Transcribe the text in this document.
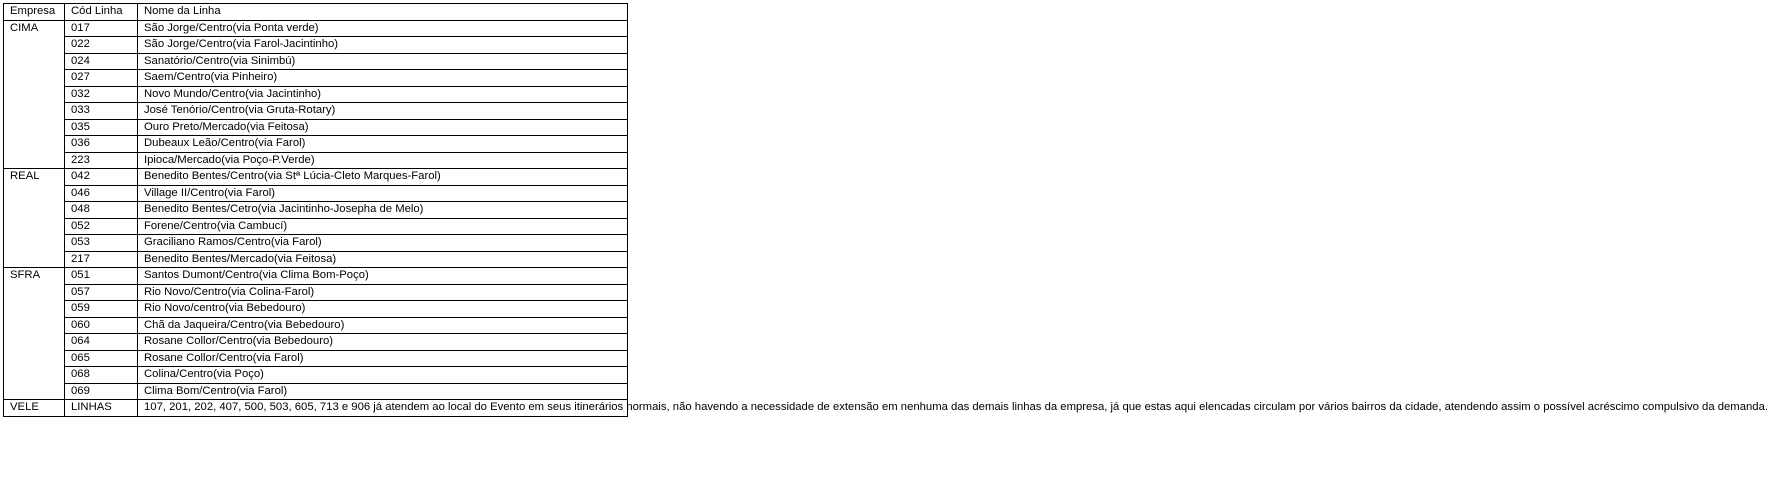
Empresa	Cód Linha	Nome da Linha
CIMA	017	São Jorge/Centro(via Ponta verde)
	022	São Jorge/Centro(via Farol-Jacintinho)
	024	Sanatório/Centro(via Sinimbú)
	027	Saem/Centro(via Pinheiro)
	032	Novo Mundo/Centro(via Jacintinho)
	033	José Tenório/Centro(via Gruta-Rotary)
	035	Ouro Preto/Mercado(via Feitosa)
	036	Dubeaux Leão/Centro(via Farol)
	223	Ipioca/Mercado(via Poço-P.Verde)
REAL	042	Benedito Bentes/Centro(via Stª Lúcia-Cleto Marques-Farol)
	046	Village II/Centro(via Farol)
	048	Benedito Bentes/Cetro(via Jacintinho-Josepha de Melo)
	052	Forene/Centro(via Cambucí)
	053	Graciliano Ramos/Centro(via Farol)
	217	Benedito Bentes/Mercado(via Feitosa)
SFRA	051	Santos Dumont/Centro(via Clima Bom-Poço)
	057	Rio Novo/Centro(via Colina-Farol)
	059	Rio Novo/centro(via Bebedouro)
	060	Chã da Jaqueira/Centro(via Bebedouro)
	064	Rosane Collor/Centro(via Bebedouro)
	065	Rosane Collor/Centro(via Farol)
	068	Colina/Centro(via Poço)
	069	Clima Bom/Centro(via Farol)
VELE	LINHAS	107, 201, 202, 407, 500, 503, 605, 713 e 906 já atendem ao local do Evento em seus itinerários normais, não havendo a necessidade de extensão em nenhuma das demais linhas da empresa, já que estas aqui elencadas circulam por vários bairros da cidade, atendendo assim o possível acréscimo compulsivo da demanda.
